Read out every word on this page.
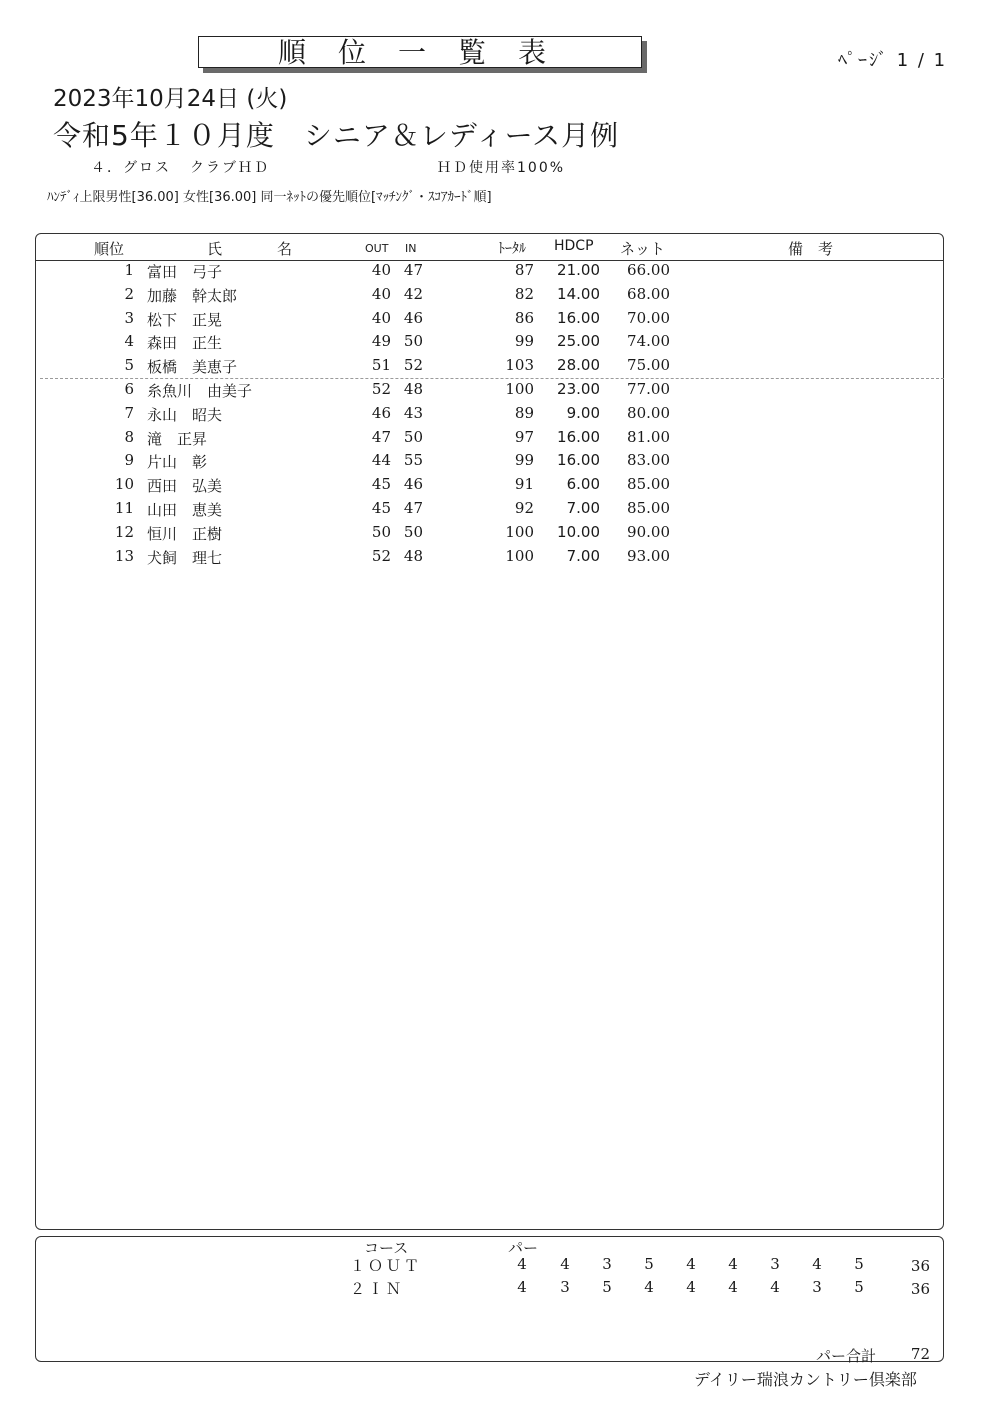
順位一覧表	ﾍﾟｰｼﾞ 1 / 1
2023年10月24日 (火)
令和5年１０月度　シニア＆レディース月例
４．グロス クラブＨＤ	ＨＤ使用率100%
ﾊﾝﾃﾞｨ上限男性[36.00] 女性[36.00] 同一ﾈｯﾄの優先順位[ﾏｯﾁﾝｸﾞ・ｽｺｱｶｰﾄﾞ順]
順位	氏	名	OUT IN	ﾄｰﾀﾙ HDCP ネット	備　考
1 富田　弓子	40 47	87	21.00	66.00
2 加藤　幹太郎	40 42	82	14.00	68.00
3 松下　正晃	40 46	86	16.00	70.00
4 森田　正生	49 50	99	25.00	74.00
5 板橋　美恵子	51 52	103	28.00	75.00
6 糸魚川　由美子	52 48	100	23.00	77.00
7 永山　昭夫	46 43	89	9.00	80.00
8 滝　正昇	47 50	97	16.00	81.00
9 片山　彰	44 55	99	16.00	83.00
10 西田　弘美	45 46	91	6.00	85.00
11 山田　恵美	45 47	92	7.00	85.00
12 恒川　正樹	50 50	100	10.00	90.00
13 犬飼　理七	52 48	100	7.00	93.00
コース	パー
１ＯＵＴ	4	4	3	5	4	4	3	4	5	36
２ＩＮ	4	3	5	4	4	4	4	3	5	36
パー合計	72
デイリー瑞浪カントリー倶楽部
